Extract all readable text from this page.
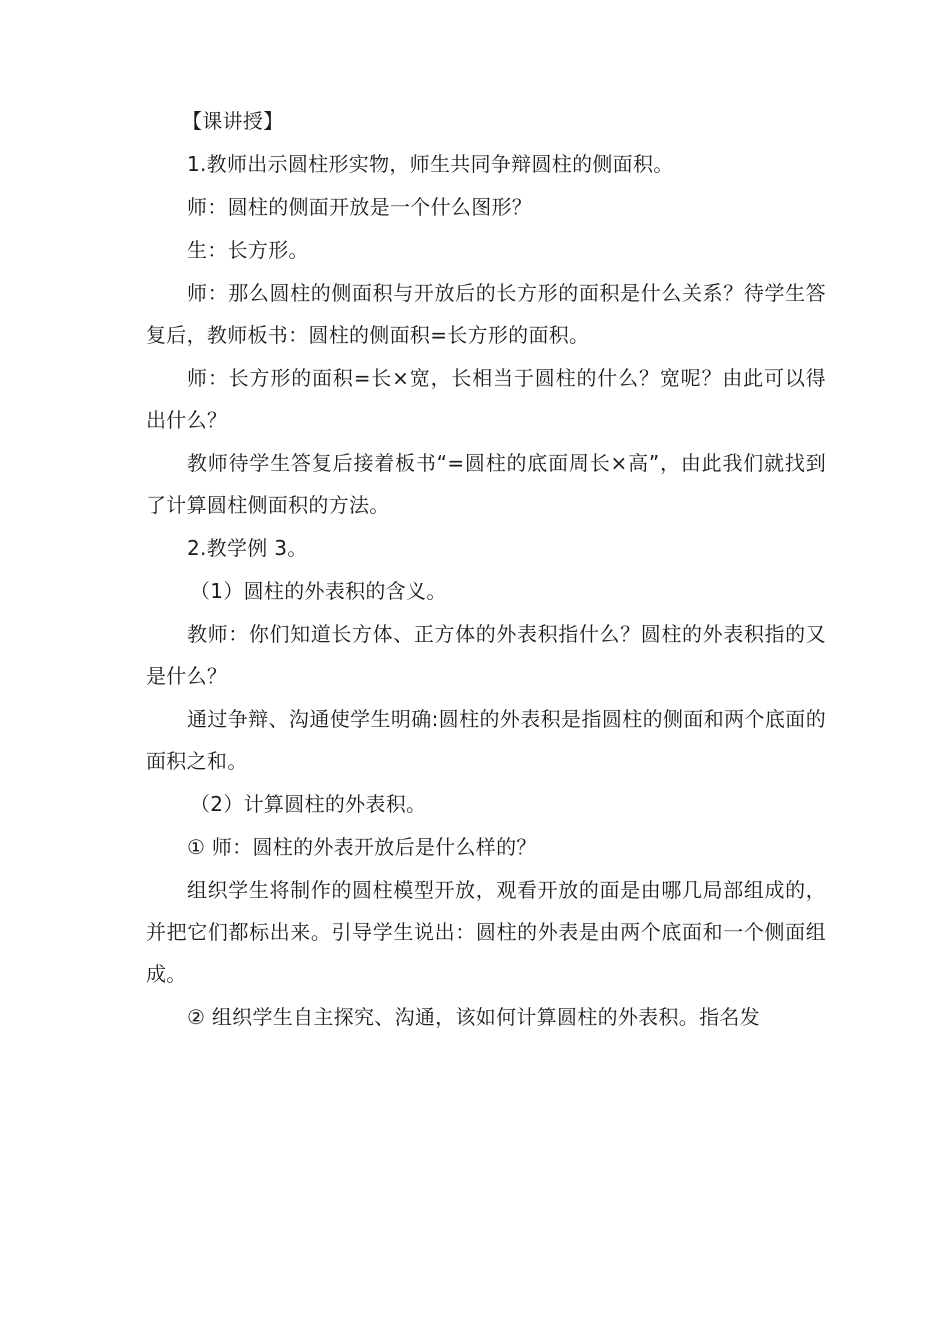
【课讲授】

1.教师出示圆柱形实物，师生共同争辩圆柱的侧面积。

师：圆柱的侧面开放是一个什么图形？

生：长方形。

师：那么圆柱的侧面积与开放后的长方形的面积是什么关系？待学生答复后，教师板书：圆柱的侧面积=长方形的面积。

师：长方形的面积=长×宽，长相当于圆柱的什么？宽呢？由此可以得出什么？

教师待学生答复后接着板书“=圆柱的底面周长×高”，由此我们就找到了计算圆柱侧面积的方法。

2.教学例 3。

（1）圆柱的外表积的含义。

教师：你们知道长方体、正方体的外表积指什么？圆柱的外表积指的又是什么？

通过争辩、沟通使学生明确:圆柱的外表积是指圆柱的侧面和两个底面的面积之和。

（2）计算圆柱的外表积。

① 师：圆柱的外表开放后是什么样的？

组织学生将制作的圆柱模型开放，观看开放的面是由哪几局部组成的，并把它们都标出来。引导学生说出：圆柱的外表是由两个底面和一个侧面组成。

② 组织学生自主探究、沟通，该如何计算圆柱的外表积。指名发
